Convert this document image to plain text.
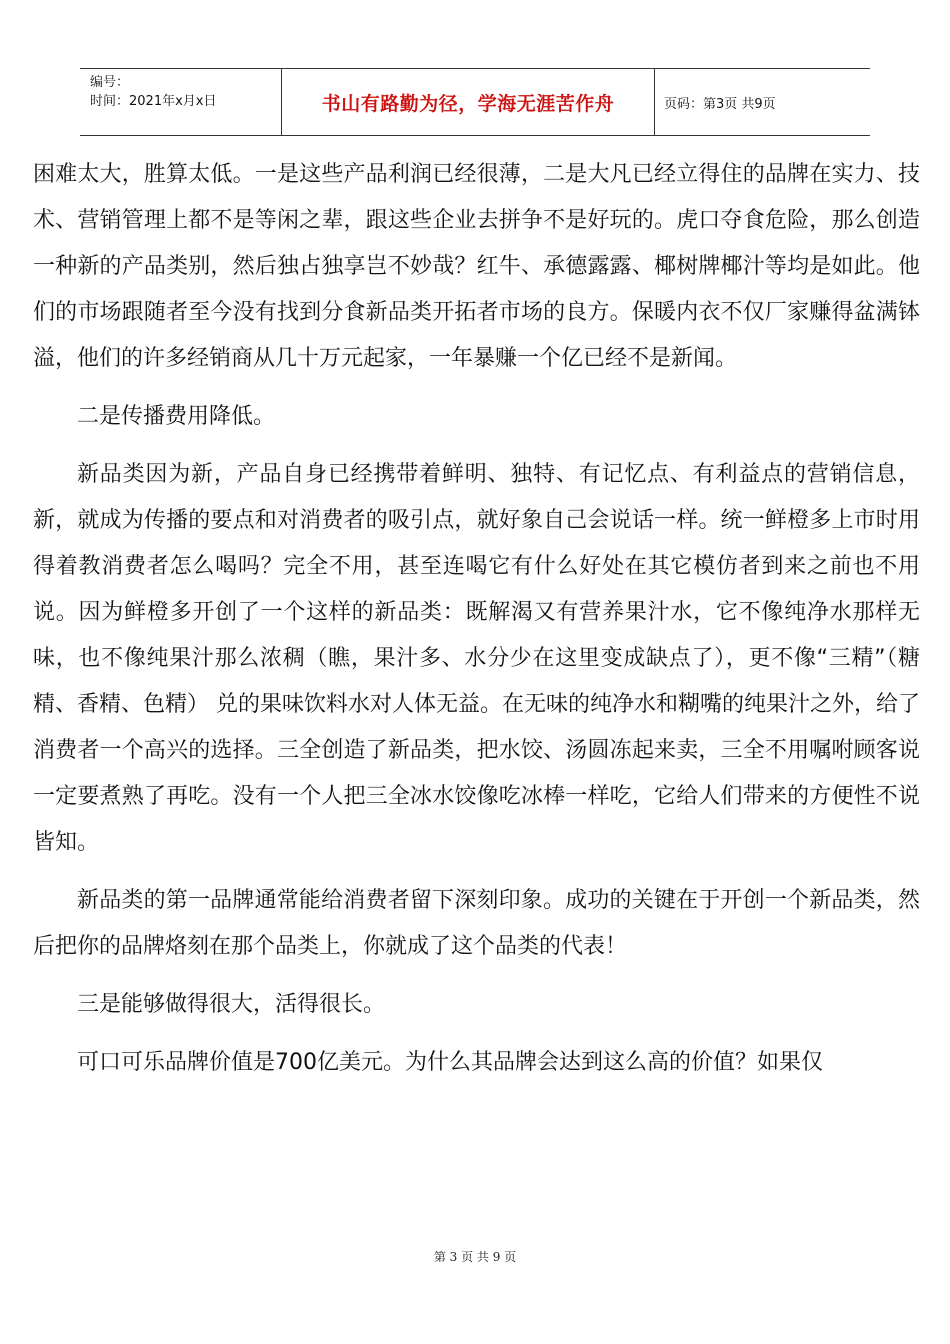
编号：
时间：2021年x月x日	书山有路勤为径，学海无涯苦作舟	页码：第3页 共9页

困难太大，胜算太低。一是这些产品利润已经很薄，二是大凡已经立得住的品牌在实力、技术、营销管理上都不是等闲之辈，跟这些企业去拼争不是好玩的。虎口夺食危险，那么创造一种新的产品类别，然后独占独享岂不妙哉？红牛、承德露露、椰树牌椰汁等均是如此。他们的市场跟随者至今没有找到分食新品类开拓者市场的良方。保暖内衣不仅厂家赚得盆满钵溢，他们的许多经销商从几十万元起家，一年暴赚一个亿已经不是新闻。

二是传播费用降低。

新品类因为新，产品自身已经携带着鲜明、独特、有记忆点、有利益点的营销信息，新，就成为传播的要点和对消费者的吸引点，就好象自己会说话一样。统一鲜橙多上市时用得着教消费者怎么喝吗？完全不用，甚至连喝它有什么好处在其它模仿者到来之前也不用说。因为鲜橙多开创了一个这样的新品类：既解渴又有营养果汁水，它不像纯净水那样无味，也不像纯果汁那么浓稠（瞧，果汁多、水分少在这里变成缺点了），更不像“三精”（糖精、香精、色精） 兑的果味饮料水对人体无益。在无味的纯净水和糊嘴的纯果汁之外，给了消费者一个高兴的选择。三全创造了新品类，把水饺、汤圆冻起来卖，三全不用嘱咐顾客说一定要煮熟了再吃。没有一个人把三全冰水饺像吃冰棒一样吃，它给人们带来的方便性不说皆知。

新品类的第一品牌通常能给消费者留下深刻印象。成功的关键在于开创一个新品类，然后把你的品牌烙刻在那个品类上，你就成了这个品类的代表！

三是能够做得很大，活得很长。

可口可乐品牌价值是700亿美元。为什么其品牌会达到这么高的价值？如果仅

第 3 页 共 9 页
